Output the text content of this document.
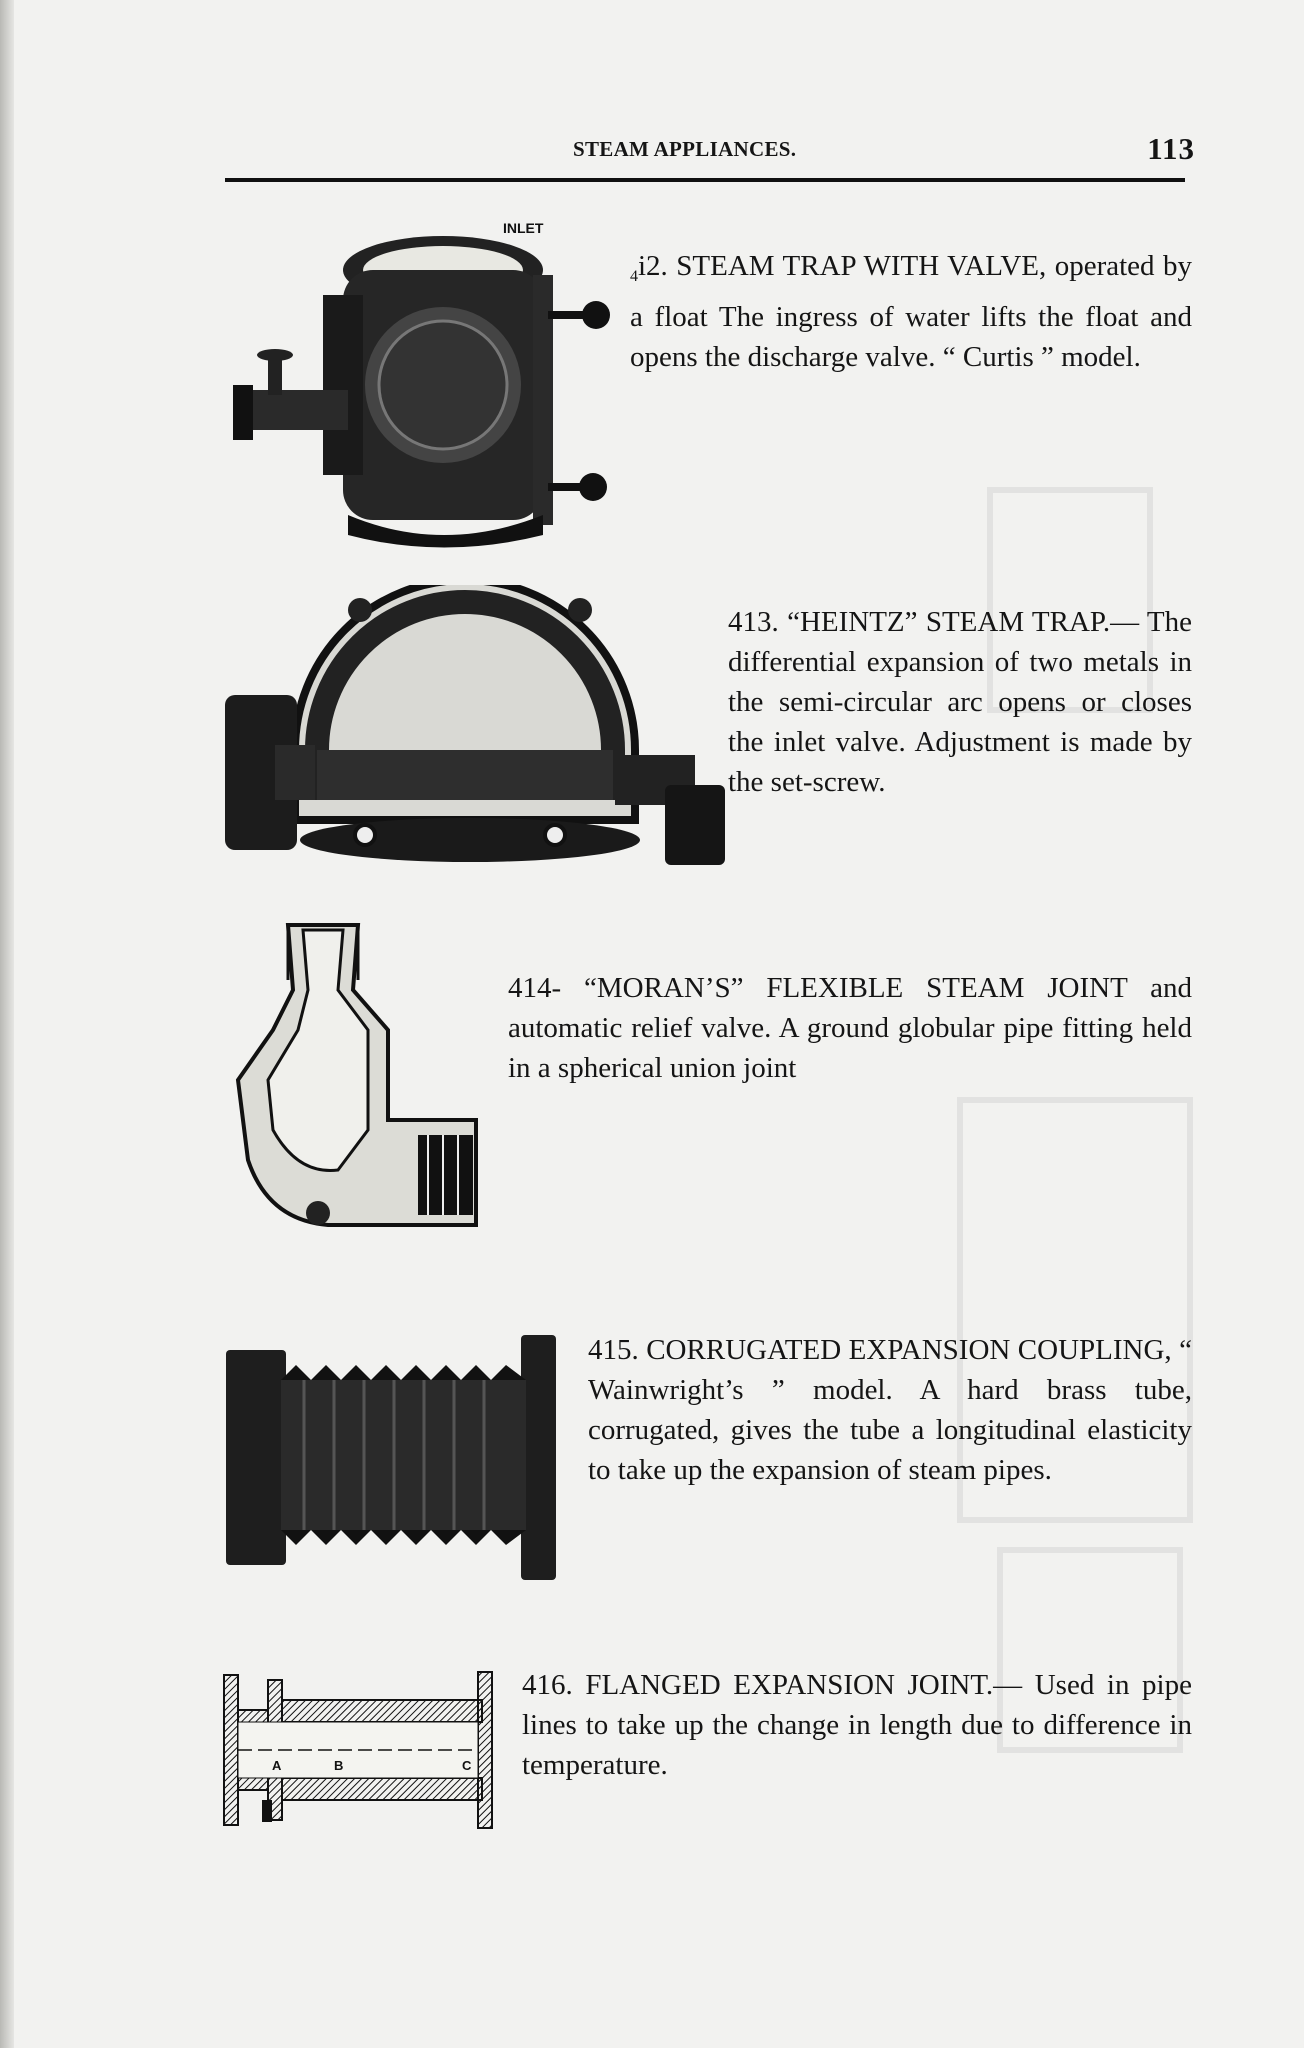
STEAM APPLIANCES.	113
INLET

$_4$i2. STEAM TRAP WITH VALVE, operated by a float The ingress of water lifts the float and opens the discharge valve. “ Curtis ” model.

413. “HEINTZ” STEAM TRAP.— The differential expansion of two metals in the semi-circular arc opens or closes the inlet valve. Adjustment is made by the set-screw.

414- “MORAN’S” FLEXIBLE STEAM JOINT and automatic relief valve. A ground globular pipe fitting held in a spherical union joint

415. CORRUGATED EXPANSION COUPLING, “ Wainwright’s ” model. A hard brass tube, corrugated, gives the tube a longitudinal elasticity to take up the expansion of steam pipes.

A	B	C

416. FLANGED EXPANSION JOINT.— Used in pipe lines to take up the change in length due to difference in temperature.
